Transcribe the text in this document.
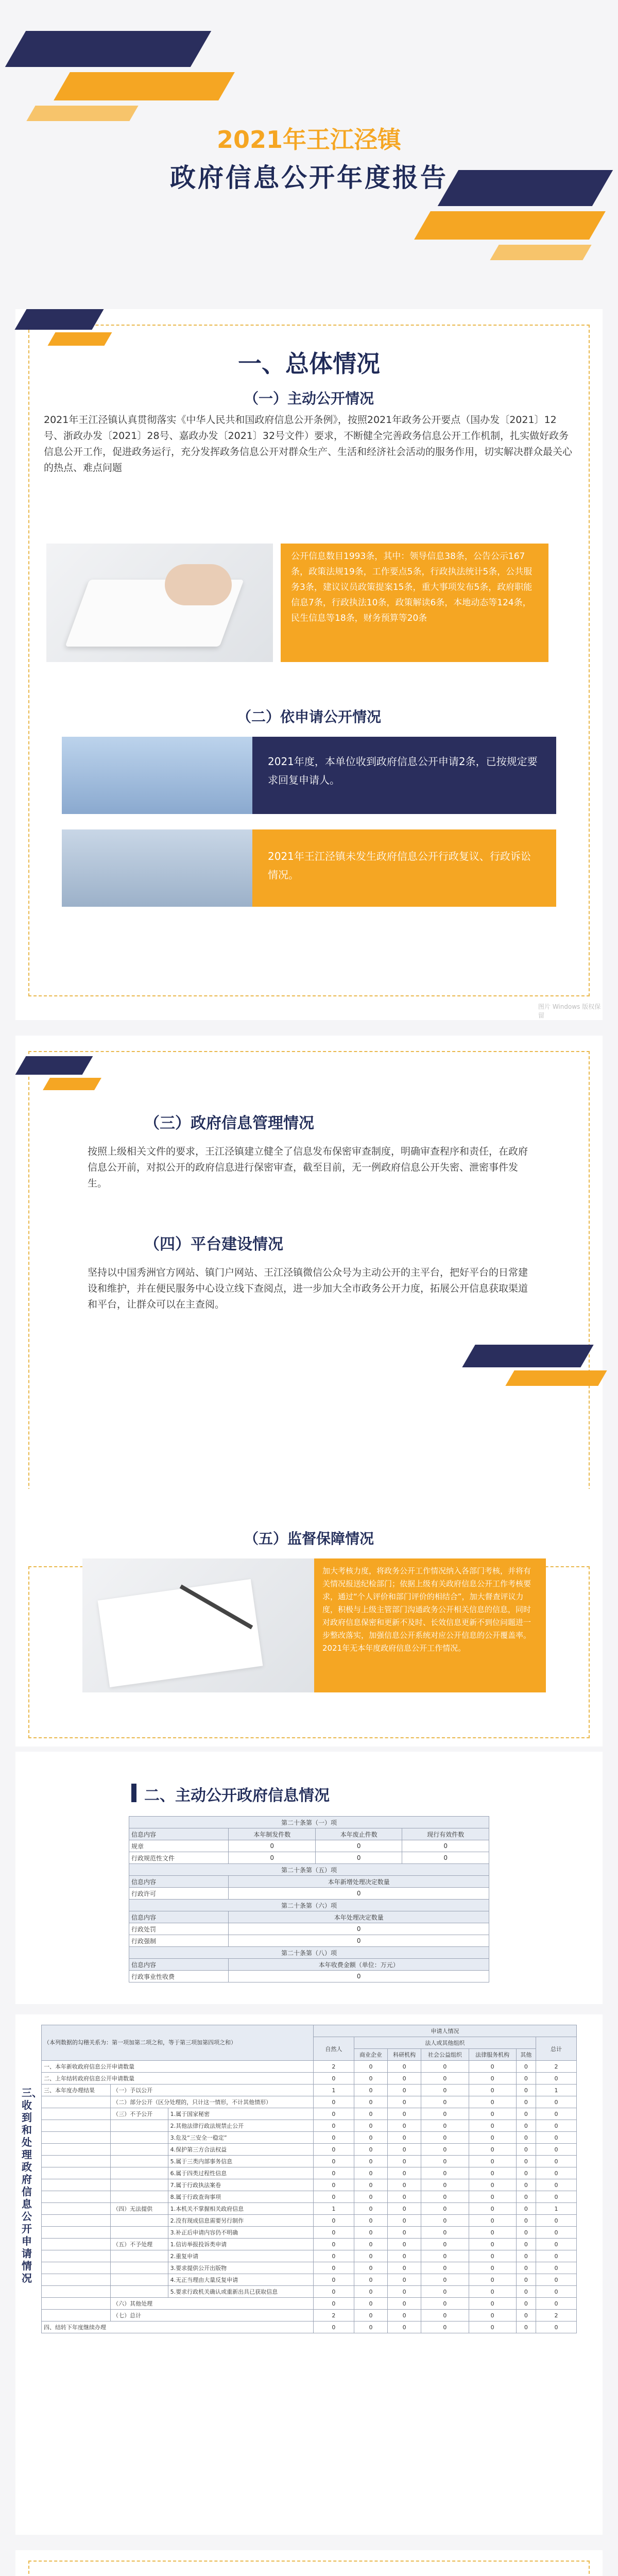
2021年王江泾镇
政府信息公开年度报告
一、总体情况
（一）主动公开情况
2021年王江泾镇认真贯彻落实《中华人民共和国政府信息公开条例》，按照2021年政务公开要点（国办发〔2021〕12号、浙政办发〔2021〕28号、嘉政办发〔2021〕32号文件）要求，不断健全完善政务信息公开工作机制，扎实做好政务信息公开工作，促进政务运行，充分发挥政务信息公开对群众生产、生活和经济社会活动的服务作用，切实解决群众最关心的热点、难点问题
公开信息数目1993条，其中：领导信息38条，公告公示167条，政策法规19条，工作要点5条，行政执法统计5条，公共服务3条，建议议员政策提案15条，重大事项发布5条，政府职能信息7条，行政执法10条，政策解读6条，本地动态等124条，民生信息等18条，财务预算等20条
（二）依申请公开情况
2021年度，本单位收到政府信息公开申请2条，已按规定要求回复申请人。
2021年王江泾镇未发生政府信息公开行政复议、行政诉讼情况。
图片 Windows 版权保留
（三）政府信息管理情况
按照上级相关文件的要求，王江泾镇建立健全了信息发布保密审查制度，明确审查程序和责任，在政府信息公开前，对拟公开的政府信息进行保密审查，截至目前，无一例政府信息公开失密、泄密事件发生。
（四）平台建设情况
坚持以中国秀洲官方网站、镇门户网站、王江泾镇微信公众号为主动公开的主平台，把好平台的日常建设和维护，并在便民服务中心设立线下查阅点，进一步加大全市政务公开力度，拓展公开信息获取渠道和平台，让群众可以在主查阅。
（五）监督保障情况
加大考核力度，将政务公开工作情况纳入各部门考核，并将有关情况报送纪检部门；依据上级有关政府信息公开工作考核要求，通过“个人评价和部门评价的相结合”，加大督查评议力度，积极与上级主管部门沟通政务公开相关信息的信息，同时对政府信息保密和更新不及时、长效信息更新不到位问题进一步整改落实，加强信息公开系统对应公开信息的公开覆盖率。2021年无本年度政府信息公开工作情况。
二、主动公开政府信息情况
第二十条第（一）项			
信息内容	本年制发件数	本年废止件数	现行有效件数
规章	0	0	0
行政规范性文件	0	0	0
第二十条第（五）项			
信息内容	本年新增处理决定数量		
行政许可	0		
第二十条第（六）项			
信息内容	本年处理决定数量		
行政处罚	0		
行政强制	0		
第二十条第（八）项			
信息内容	本年收费金额（单位：万元）		
行政事业性收费	0		
三、收到和处理政府信息公开申请情况
（本列数据的勾稽关系为：第一项加第二项之和，等于第三项加第四项之和）			申请人情况						
			自然人	法人或其他组织					总计
				商业企业	科研机构	社会公益组织	法律服务机构	其他	
一、本年新收政府信息公开申请数量			2	0	0	0	0	0	2
二、上年结转政府信息公开申请数量			0	0	0	0	0	0	0
三、本年度办理结果	（一）予以公开		1	0	0	0	0	0	1
	（二）部分公开（区分处理的，只计这一情形，不计其他情形）		0	0	0	0	0	0	0
	（三）不予公开	1.属于国家秘密	0	0	0	0	0	0	0
		2.其他法律行政法规禁止公开	0	0	0	0	0	0	0
		3.危及“三安全一稳定”	0	0	0	0	0	0	0
		4.保护第三方合法权益	0	0	0	0	0	0	0
		5.属于三类内部事务信息	0	0	0	0	0	0	0
		6.属于四类过程性信息	0	0	0	0	0	0	0
		7.属于行政执法案卷	0	0	0	0	0	0	0
		8.属于行政查询事项	0	0	0	0	0	0	0
	（四）无法提供	1.本机关不掌握相关政府信息	1	0	0	0	0	0	1
		2.没有现成信息需要另行制作	0	0	0	0	0	0	0
		3.补正后申请内容仍不明确	0	0	0	0	0	0	0
	（五）不予处理	1.信访举报投诉类申请	0	0	0	0	0	0	0
		2.重复申请	0	0	0	0	0	0	0
		3.要求提供公开出版物	0	0	0	0	0	0	0
		4.无正当理由大量反复申请	0	0	0	0	0	0	0
		5.要求行政机关确认或重新出具已获取信息	0	0	0	0	0	0	0
	（六）其他处理		0	0	0	0	0	0	0
	（七）总计		2	0	0	0	0	0	2
四、结转下年度继续办理			0	0	0	0	0	0	0
